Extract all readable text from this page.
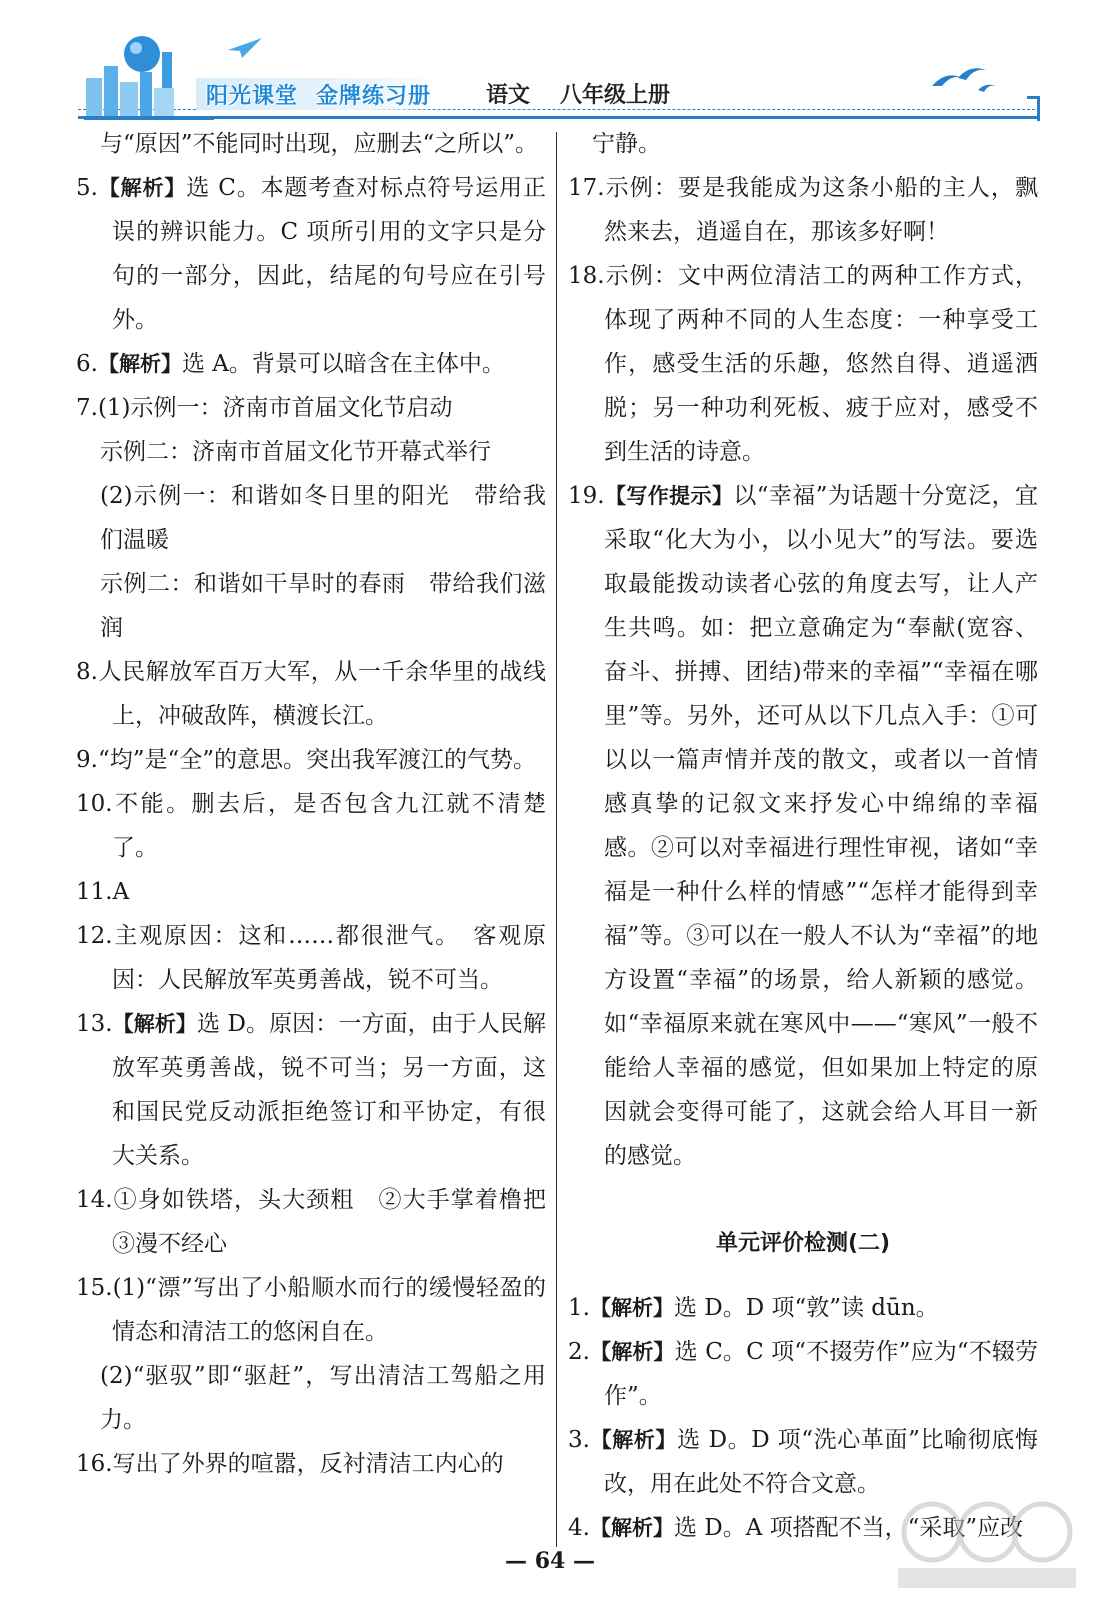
阳光课堂 金牌练习册 语文 八年级上册

与“原因”不能同时出现，应删去“之所以”。

5.【解析】选 C。本题考查对标点符号运用正误的辨识能力。C 项所引用的文字只是分句的一部分，因此，结尾的句号应在引号外。

6.【解析】选 A。背景可以暗含在主体中。

7.(1)示例一：济南市首届文化节启动

示例二：济南市首届文化节开幕式举行

(2)示例一：和谐如冬日里的阳光　带给我们温暖

示例二：和谐如干旱时的春雨　带给我们滋润

8.人民解放军百万大军，从一千余华里的战线上，冲破敌阵，横渡长江。

9.“均”是“全”的意思。突出我军渡江的气势。

10.不能。删去后，是否包含九江就不清楚了。

11.A

12.主观原因：这和……都很泄气。　客观原因：人民解放军英勇善战，锐不可当。

13.【解析】选 D。原因：一方面，由于人民解放军英勇善战，锐不可当；另一方面，这和国民党反动派拒绝签订和平协定，有很大关系。

14.①身如铁塔，头大颈粗　②大手掌着橹把　③漫不经心

15.(1)“漂”写出了小船顺水而行的缓慢轻盈的情态和清洁工的悠闲自在。

(2)“驱驭”即“驱赶”，写出清洁工驾船之用力。

16.写出了外界的喧嚣，反衬清洁工内心的

宁静。

17.示例：要是我能成为这条小船的主人，飘然来去，逍遥自在，那该多好啊！

18.示例：文中两位清洁工的两种工作方式，体现了两种不同的人生态度：一种享受工作，感受生活的乐趣，悠然自得、逍遥洒脱；另一种功利死板、疲于应对，感受不到生活的诗意。

19.【写作提示】以“幸福”为话题十分宽泛，宜采取“化大为小，以小见大”的写法。要选取最能拨动读者心弦的角度去写，让人产生共鸣。如：把立意确定为“奉献(宽容、奋斗、拼搏、团结)带来的幸福”“幸福在哪里”等。另外，还可从以下几点入手：①可以以一篇声情并茂的散文，或者以一首情感真挚的记叙文来抒发心中绵绵的幸福感。②可以对幸福进行理性审视，诸如“幸福是一种什么样的情感”“怎样才能得到幸福”等。③可以在一般人不认为“幸福”的地方设置“幸福”的场景，给人新颖的感觉。如“幸福原来就在寒风中——“寒风”一般不能给人幸福的感觉，但如果加上特定的原因就会变得可能了，这就会给人耳目一新的感觉。

单元评价检测(二)

1.【解析】选 D。D 项“敦”读 dūn。

2.【解析】选 C。C 项“不掇劳作”应为“不辍劳作”。

3.【解析】选 D。D 项“洗心革面”比喻彻底悔改，用在此处不符合文意。

4.【解析】选 D。A 项搭配不当，“采取”应改

— 64 —
